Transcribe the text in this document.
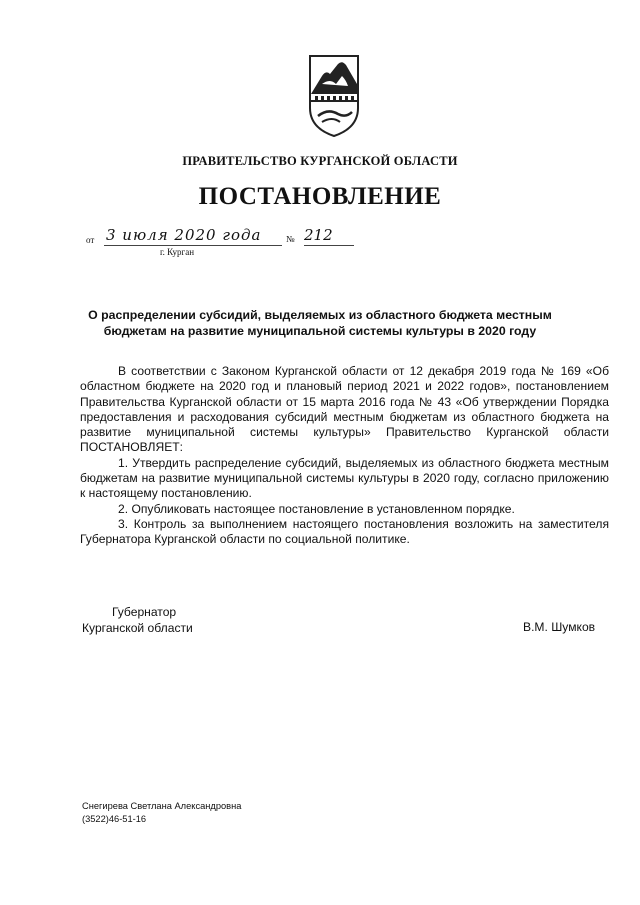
ПРАВИТЕЛЬСТВО КУРГАНСКОЙ ОБЛАСТИ
ПОСТАНОВЛЕНИЕ
от 3 июля 2020 года	№ 212
г. Курган
О распределении субсидий, выделяемых из областного бюджета местным бюджетам на развитие муниципальной системы культуры в 2020 году

В соответствии с Законом Курганской области от 12 декабря 2019 года № 169 «Об областном бюджете на 2020 год и плановый период 2021 и 2022 годов», постановлением Правительства Курганской области от 15 марта 2016 года № 43 «Об утверждении Порядка предоставления и расходования субсидий местным бюджетам из областного бюджета на развитие муниципальной системы культуры» Правительство Курганской области ПОСТАНОВЛЯЕТ:

1. Утвердить распределение субсидий, выделяемых из областного бюджета местным бюджетам на развитие муниципальной системы культуры в 2020 году, согласно приложению к настоящему постановлению.

2. Опубликовать настоящее постановление в установленном порядке.

3. Контроль за выполнением настоящего постановления возложить на заместителя Губернатора Курганской области по социальной политике.

Губернатор
Курганской области	В.М. Шумков
Снегирева Светлана Александровна
(3522)46-51-16
